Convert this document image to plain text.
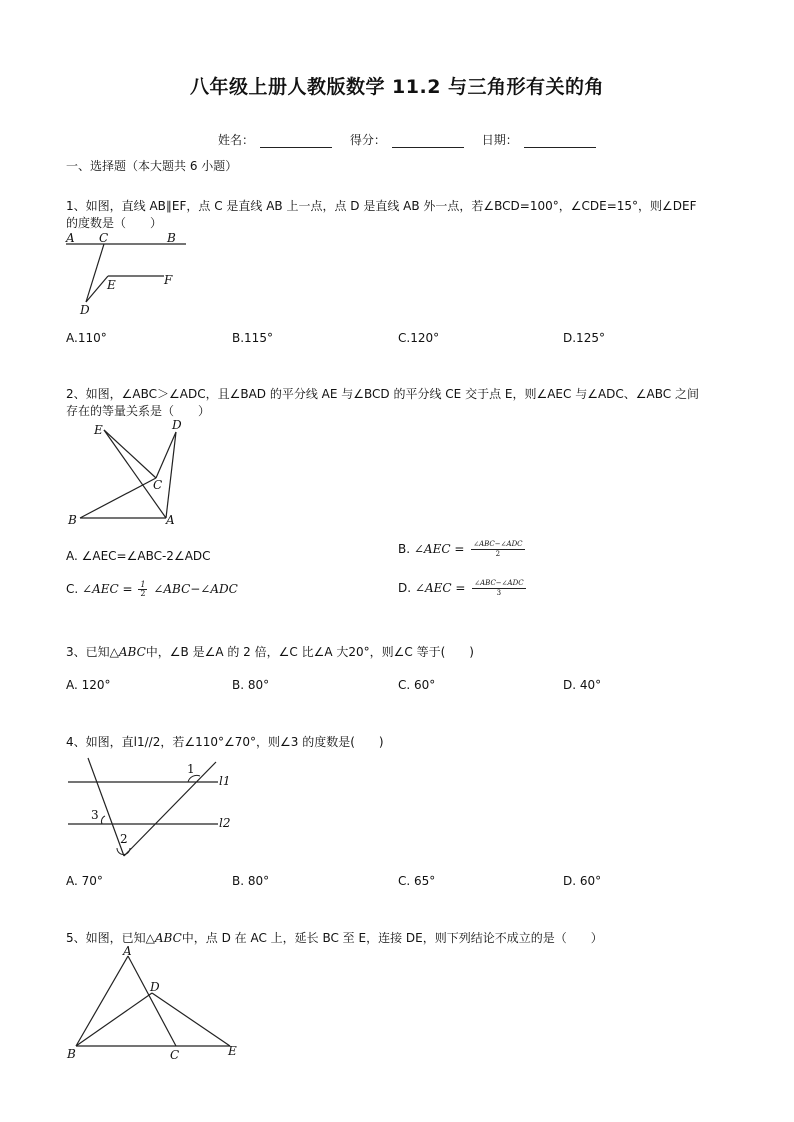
八年级上册人教版数学 11.2 与三角形有关的角
姓名：	得分：	日期：
一、选择题（本大题共 6 小题）
1、如图，直线 AB∥EF，点 C 是直线 AB 上一点，点 D 是直线 AB 外一点，若∠BCD=100°，∠CDE=15°，则∠DEF
的度数是（　　）
A C	B
E	F
D
A.110°	B.115°	C.120°	D.125°
2、如图，∠ABC＞∠ADC，且∠BAD 的平分线 AE 与∠BCD 的平分线 CE 交于点 E，则∠AEC 与∠ADC、∠ABC 之间
存在的等量关系是（　　）
E	D
C
B	A
A. ∠AEC=∠ABC-2∠ADC	B. ∠AEC = $\frac{\text{∠ABC−∠ADC}}{2}$
C. ∠AEC = $\frac{1}{2}$ ∠ABC−∠ADC	D. ∠AEC = $\frac{\text{∠ABC−∠ADC}}{3}$
3、已知△ABC中，∠B 是∠A 的 2 倍，∠C 比∠A 大20°，则∠C 等于(　　)
A. 120°	B. 80°	C. 60°	D. 40°
4、如图，直l1//2，若∠110°∠70°，则∠3 的度数是(　　)
1
3
2
l1
l2
A. 70°	B. 80°	C. 65°	D. 60°
5、如图，已知△ABC中，点 D 在 AC 上，延长 BC 至 E，连接 DE，则下列结论不成立的是（　　）
A
D
B	C	E
